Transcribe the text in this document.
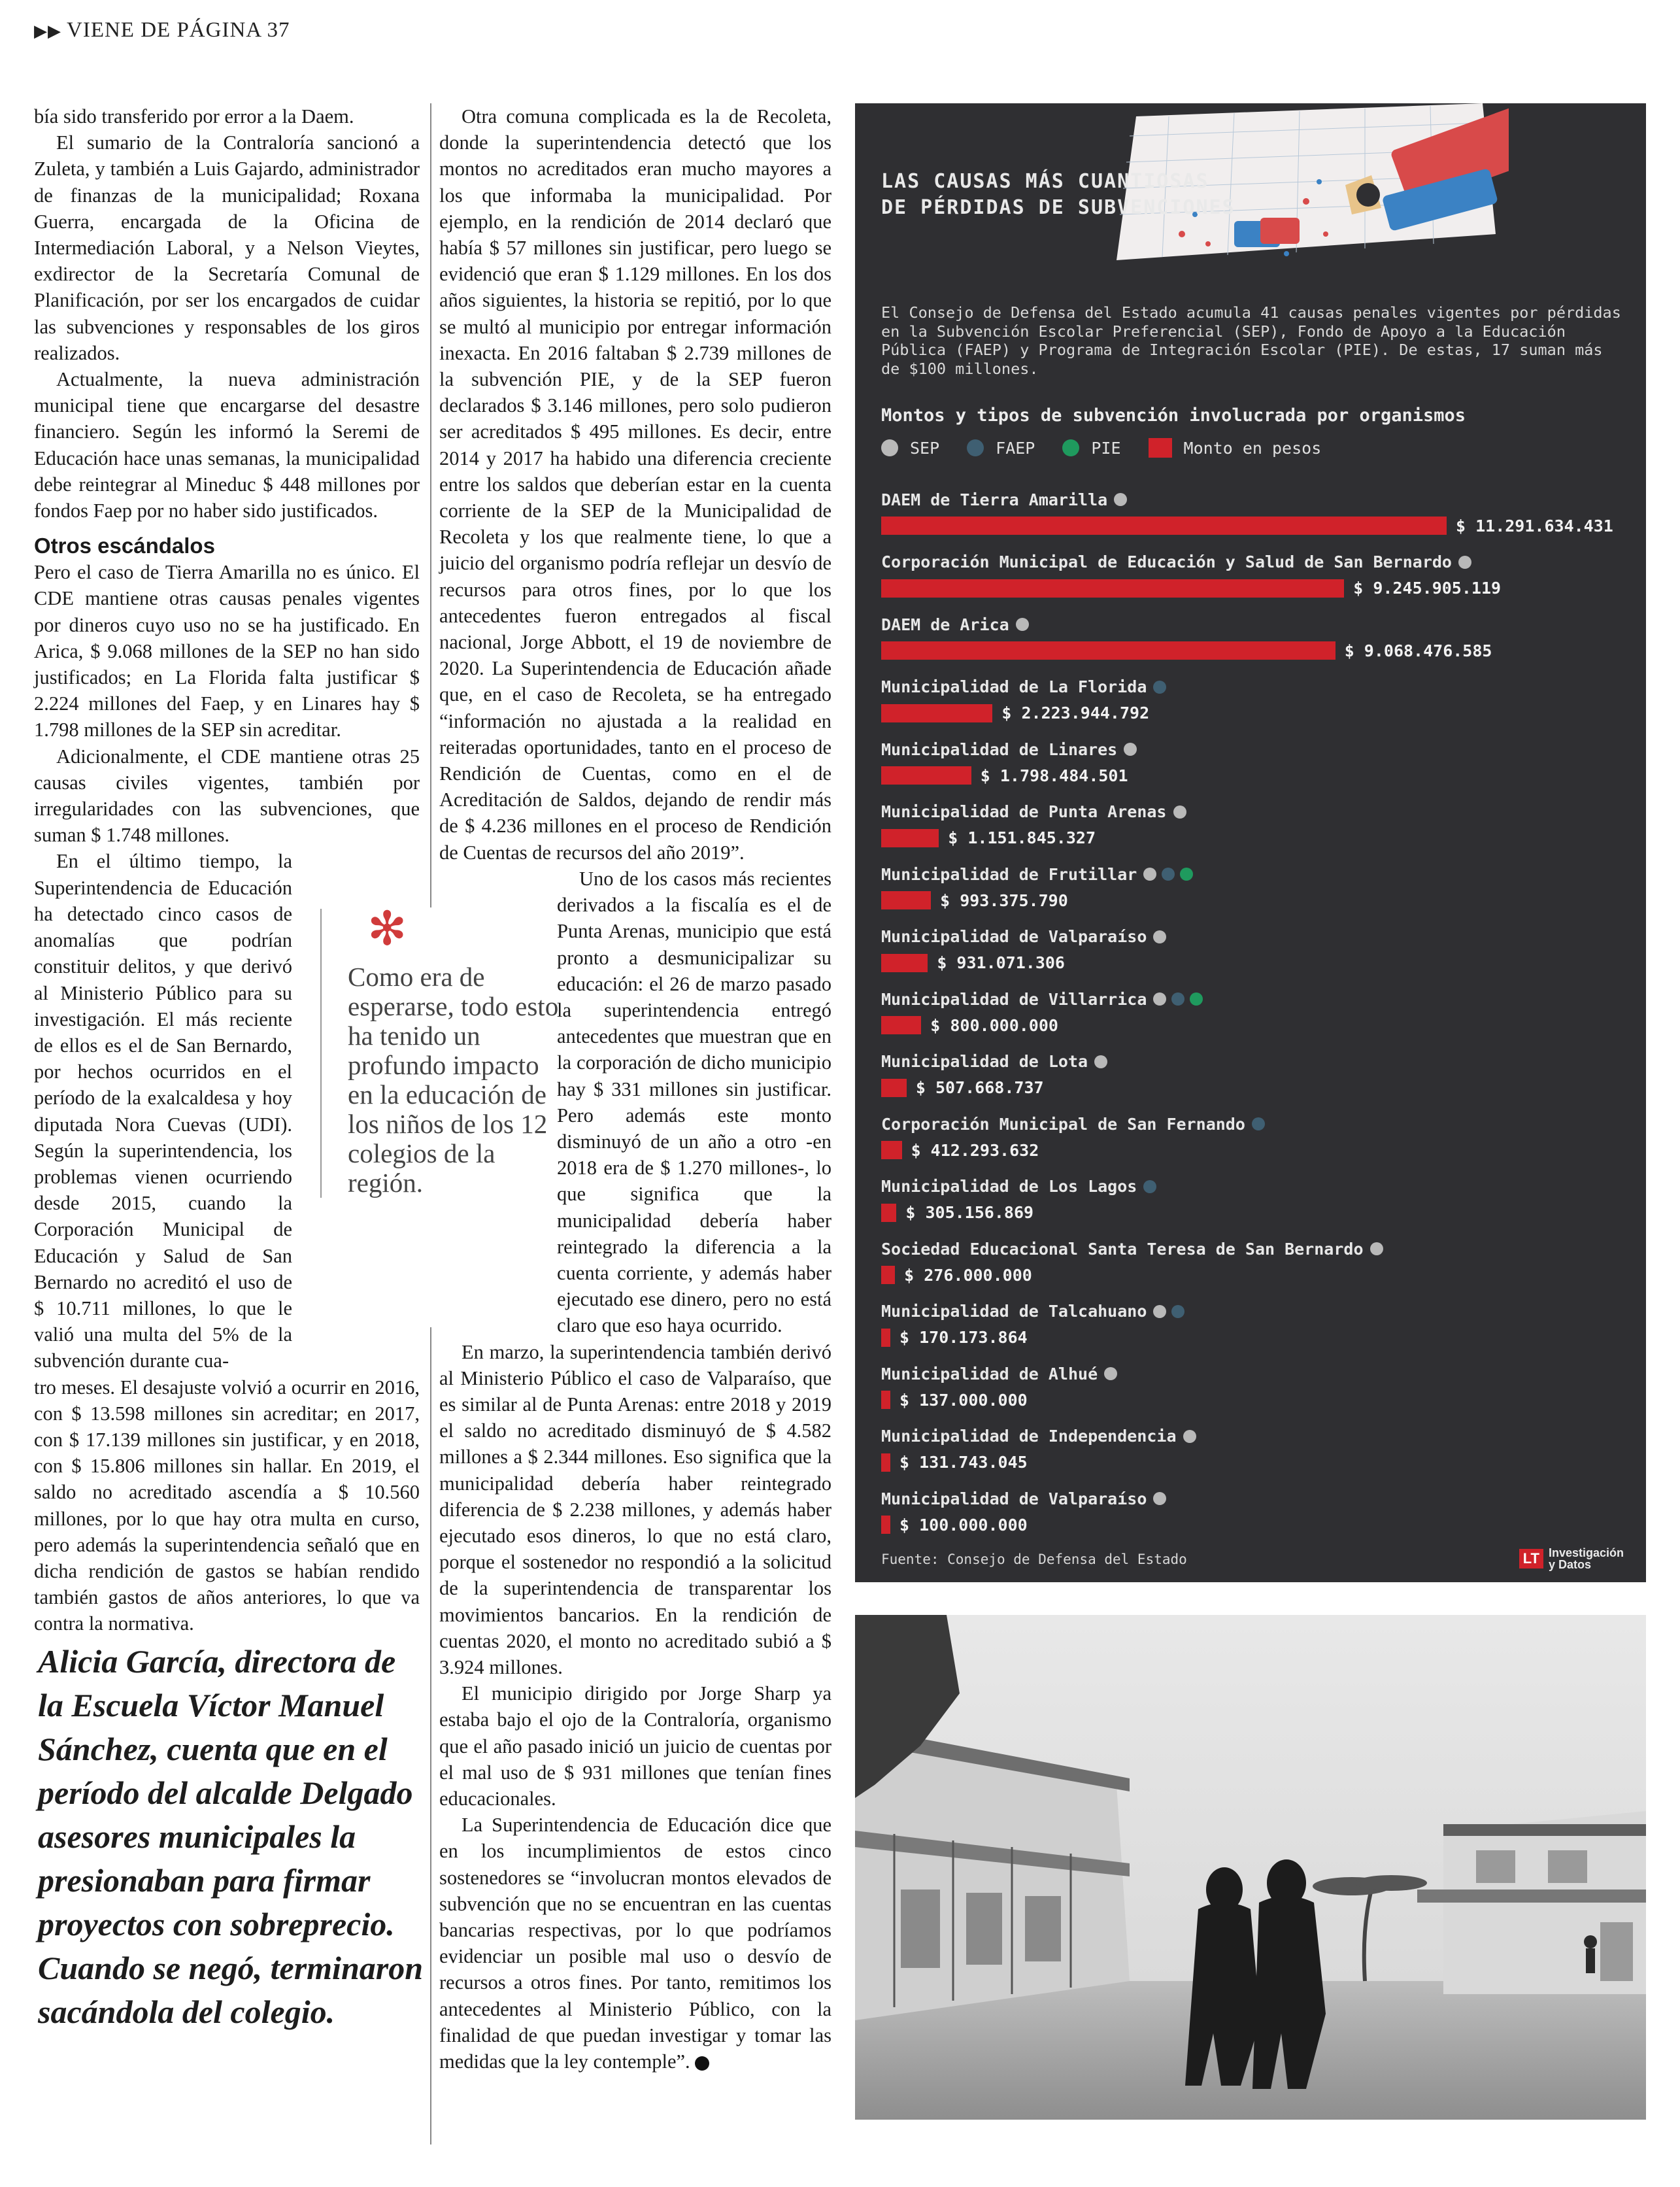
▶▶ VIENE DE PÁGINA 37

bía sido transferido por error a la Daem.

El sumario de la Contraloría sancionó a Zuleta, y también a Luis Gajardo, administrador de finanzas de la municipalidad; Roxana Guerra, encargada de la Oficina de Intermediación Laboral, y a Nelson Vieytes, exdirector de la Secretaría Comunal de Planificación, por ser los encargados de cuidar las subvenciones y responsables de los giros realizados.

Actualmente, la nueva administración municipal tiene que encargarse del desastre financiero. Según les informó la Seremi de Educación hace unas semanas, la municipalidad debe reintegrar al Mineduc $ 448 millones por fondos Faep por no haber sido justificados.

Otros escándalos

Pero el caso de Tierra Amarilla no es único. El CDE mantiene otras causas penales vigentes por dineros cuyo uso no se ha justificado. En Arica, $ 9.068 millones de la SEP no han sido justificados; en La Florida falta justificar $ 2.224 millones del Faep, y en Linares hay $ 1.798 millones de la SEP sin acreditar.

Adicionalmente, el CDE mantiene otras 25 causas civiles vigentes, también por irregularidades con las subvenciones, que suman $ 1.748 millones.

En el último tiempo, la Superintendencia de Educación ha detectado cinco casos de anomalías que podrían constituir delitos, y que derivó al Ministerio Público para su investigación. El más reciente de ellos es el de San Bernardo, por hechos ocurridos en el período de la exalcaldesa y hoy diputada Nora Cuevas (UDI). Según la superintendencia, los problemas vienen ocurriendo desde 2015, cuando la Corporación Municipal de Educación y Salud de San Bernardo no acreditó el uso de $ 10.711 millones, lo que le valió una multa del 5% de la subvención durante cua-

tro meses. El desajuste volvió a ocurrir en 2016, con $ 13.598 millones sin acreditar; en 2017, con $ 17.139 millones sin justificar, y en 2018, con $ 15.806 millones sin hallar. En 2019, el saldo no acreditado ascendía a $ 10.560 millones, por lo que hay otra multa en curso, pero además la superintendencia señaló que en dicha rendición de gastos se habían rendido también gastos de años anteriores, lo que va contra la normativa.

✻
Como era de esperarse, todo esto ha tenido un profundo impacto en la educación de los niños de los 12 colegios de la región.

Otra comuna complicada es la de Recoleta, donde la superintendencia detectó que los montos no acreditados eran mucho mayores a los que informaba la municipalidad. Por ejemplo, en la rendición de 2014 declaró que había $ 57 millones sin justificar, pero luego se evidenció que eran $ 1.129 millones. En los dos años siguientes, la historia se repitió, por lo que se multó al municipio por entregar información inexacta. En 2016 faltaban $ 2.739 millones de la subvención PIE, y de la SEP fueron declarados $ 3.146 millones, pero solo pudieron ser acreditados $ 495 millones. Es decir, entre 2014 y 2017 ha habido una diferencia creciente entre los saldos que deberían estar en la cuenta corriente de la SEP de la Municipalidad de Recoleta y los que realmente tiene, lo que a juicio del organismo podría reflejar un desvío de recursos para otros fines, por lo que los antecedentes fueron entregados al fiscal nacional, Jorge Abbott, el 19 de noviembre de 2020. La Superintendencia de Educación añade que, en el caso de Recoleta, se ha entregado “información no ajustada a la realidad en reiteradas oportunidades, tanto en el proceso de Rendición de Cuentas, como en el de Acreditación de Saldos, dejando de rendir más de $ 4.236 millones en el proceso de Rendición de Cuentas de recursos del año 2019”.

Uno de los casos más recientes derivados a la fiscalía es el de Punta Arenas, municipio que está pronto a desmunicipalizar su educación: el 26 de marzo pasado la superintendencia entregó antecedentes que muestran que en la corporación de dicho municipio hay $ 331 millones sin justificar. Pero además este monto disminuyó de un año a otro -en 2018 era de $ 1.270 millones-, lo que significa que la municipalidad debería haber reintegrado la diferencia a la cuenta corriente, y además haber ejecutado ese dinero, pero no está claro que eso haya ocurrido.

En marzo, la superintendencia también derivó al Ministerio Público el caso de Valparaíso, que es similar al de Punta Arenas: entre 2018 y 2019 el saldo no acreditado disminuyó de $ 4.582 millones a $ 2.344 millones. Eso significa que la municipalidad debería haber reintegrado diferencia de $ 2.238 millones, y además haber ejecutado esos dineros, lo que no está claro, porque el sostenedor no respondió a la solicitud de la superintendencia de transparentar los movimientos bancarios. En la rendición de cuentas 2020, el monto no acreditado subió a $ 3.924 millones.

El municipio dirigido por Jorge Sharp ya estaba bajo el ojo de la Contraloría, organismo que el año pasado inició un juicio de cuentas por el mal uso de $ 931 millones que tenían fines educacionales.

La Superintendencia de Educación dice que en los incumplimientos de estos cinco sostenedores se “involucran montos elevados de subvención que no se encuentran en las cuentas bancarias respectivas, por lo que podríamos evidenciar un posible mal uso o desvío de recursos a otros fines. Por tanto, remitimos los antecedentes al Ministerio Público, con la finalidad de que puedan investigar y tomar las medidas que la ley contemple”.	D

Alicia García, directora de la Escuela Víctor Manuel Sánchez, cuenta que en el período del alcalde Delgado asesores municipales la presionaban para firmar proyectos con sobreprecio. Cuando se negó, terminaron sacándola del colegio.
LAS CAUSAS MÁS CUANTIOSAS DE PÉRDIDAS DE SUBVENCIONES
El Consejo de Defensa del Estado acumula 41 causas penales vigentes por pérdidas en la Subvención Escolar Preferencial (SEP), Fondo de Apoyo a la Educación Pública (FAEP) y Programa de Integración Escolar (PIE). De estas, 17 suman más de $100 millones.
Montos y tipos de subvención involucrada por organismos
SEP	FAEP	PIE	Monto en pesos
DAEM de Tierra Amarilla
$ 11.291.634.431
Corporación Municipal de Educación y Salud de San Bernardo
$ 9.245.905.119
DAEM de Arica
$ 9.068.476.585
Municipalidad de La Florida
$ 2.223.944.792
Municipalidad de Linares
$ 1.798.484.501
Municipalidad de Punta Arenas
$ 1.151.845.327
Municipalidad de Frutillar
$ 993.375.790
Municipalidad de Valparaíso
$ 931.071.306
Municipalidad de Villarrica
$ 800.000.000
Municipalidad de Lota
$ 507.668.737
Corporación Municipal de San Fernando
$ 412.293.632
Municipalidad de Los Lagos
$ 305.156.869
Sociedad Educacional Santa Teresa de San Bernardo
$ 276.000.000
Municipalidad de Talcahuano
$ 170.173.864
Municipalidad de Alhué
$ 137.000.000
Municipalidad de Independencia
$ 131.743.045
Municipalidad de Valparaíso
$ 100.000.000
Fuente: Consejo de Defensa del Estado	LT Investigación
y Datos
